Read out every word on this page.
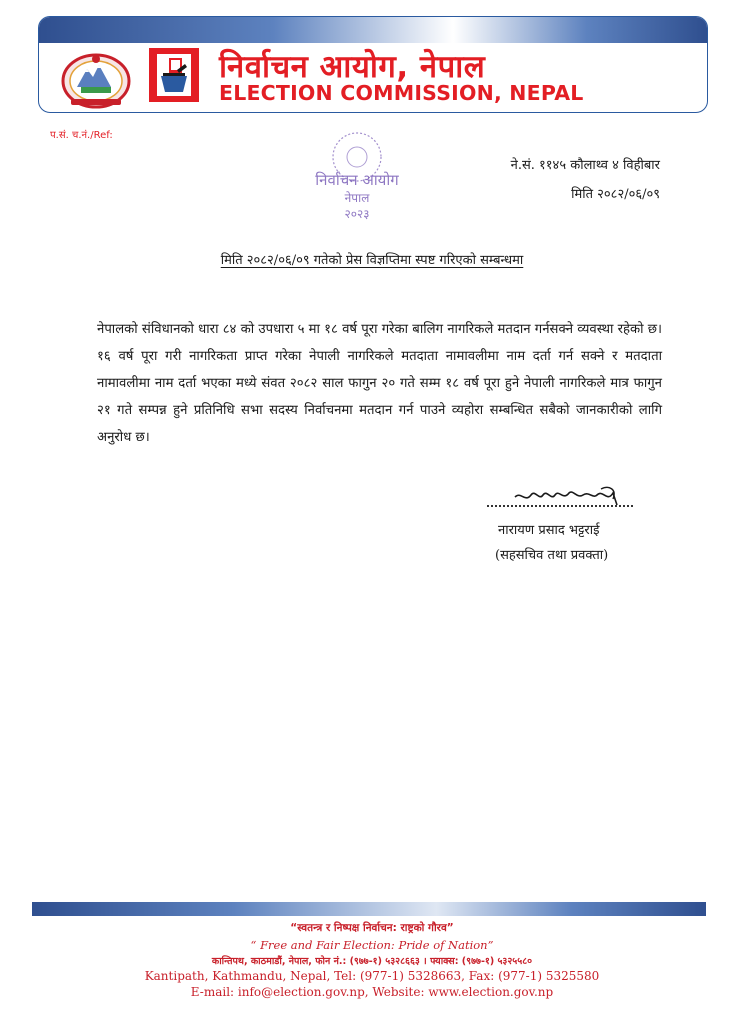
निर्वाचन आयोग, नेपाल
ELECTION COMMISSION, NEPAL
प.सं. च.नं./Ref:
निर्वाचन आयोग
नेपाल
२०२३
ने.सं. ११४५ कौलाथ्व ४ विहीबार
मिति २०८२/०६/०९
मिति २०८२/०६/०९ गतेको प्रेस विज्ञप्तिमा स्पष्ट गरिएको सम्बन्धमा
नेपालको संविधानको धारा ८४ को उपधारा ५ मा १८ वर्ष पूरा गरेका बालिग नागरिकले मतदान गर्नसक्ने व्यवस्था रहेको छ। १६ वर्ष पूरा गरी नागरिकता प्राप्त गरेका नेपाली नागरिकले मतदाता नामावलीमा नाम दर्ता गर्न सक्ने र मतदाता नामावलीमा नाम दर्ता भएका मध्ये संवत २०८२ साल फागुन २० गते सम्म १८ वर्ष पूरा हुने नेपाली नागरिकले मात्र फागुन २१ गते सम्पन्न हुने प्रतिनिधि सभा सदस्य निर्वाचनमा मतदान गर्न पाउने व्यहोरा सम्बन्धित सबैको जानकारीको लागि अनुरोध छ।
नारायण प्रसाद भट्टराई
(सहसचिव तथा प्रवक्ता)
“स्वतन्त्र र निष्पक्ष निर्वाचन: राष्ट्रको गौरव”
“ Free and Fair Election: Pride of Nation”
कान्तिपथ, काठमाडौं, नेपाल, फोन नं.: (९७७-१) ५३२८६६३ । फ्याक्स: (९७७-१) ५३२५५८०
Kantipath, Kathmandu, Nepal, Tel: (977-1) 5328663, Fax: (977-1) 5325580
E-mail: info@election.gov.np, Website: www.election.gov.np
